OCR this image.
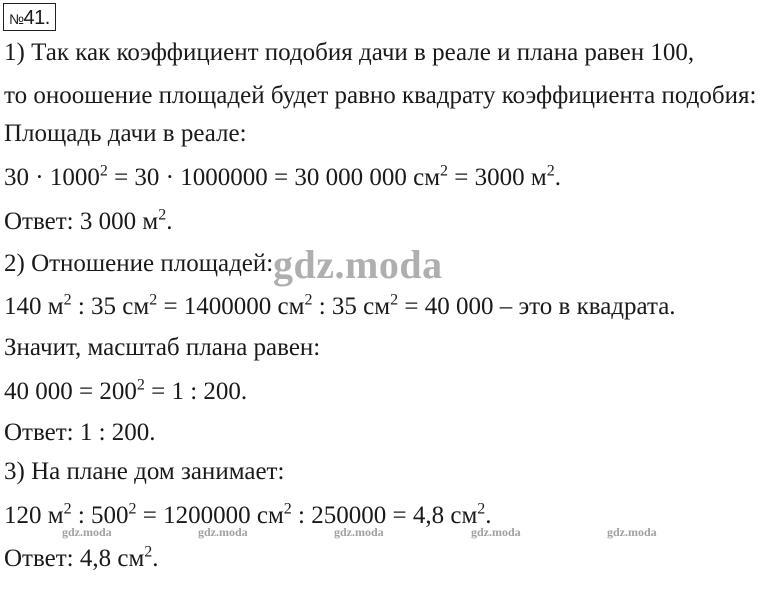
№41.
1) Так как коэффициент подобия дачи в реале и плана равен 100,
то оноошение площадей будет равно квадрату коэффициента подобия:
Площадь дачи в реале:
$30 \cdot 1000^2 = 30 \cdot 1000000 = 30$ 000 000 $см^2 = 3000$ $м^2$.
Ответ: 3 000 $м^2$.
2) Отношение площадей:
140 $м^2$ : 35 $см^2 = 1400000$ $см^2$ : 35 $см^2 = 40$ 000 – это в квадрата.
Значит, масштаб плана равен:
40 $000 = 200^2 = 1$ : 200.
Ответ: 1 : 200.
3) На плане дом занимает:
120 $м^2$ : $500^2 = 1200000$ $см^2$ : 250000 = 4,8 $см^2$.
Ответ: 4,8 $см^2$.
gdz.moda
gdz.moda	gdz.moda	gdz.moda	gdz.moda	gdz.moda
